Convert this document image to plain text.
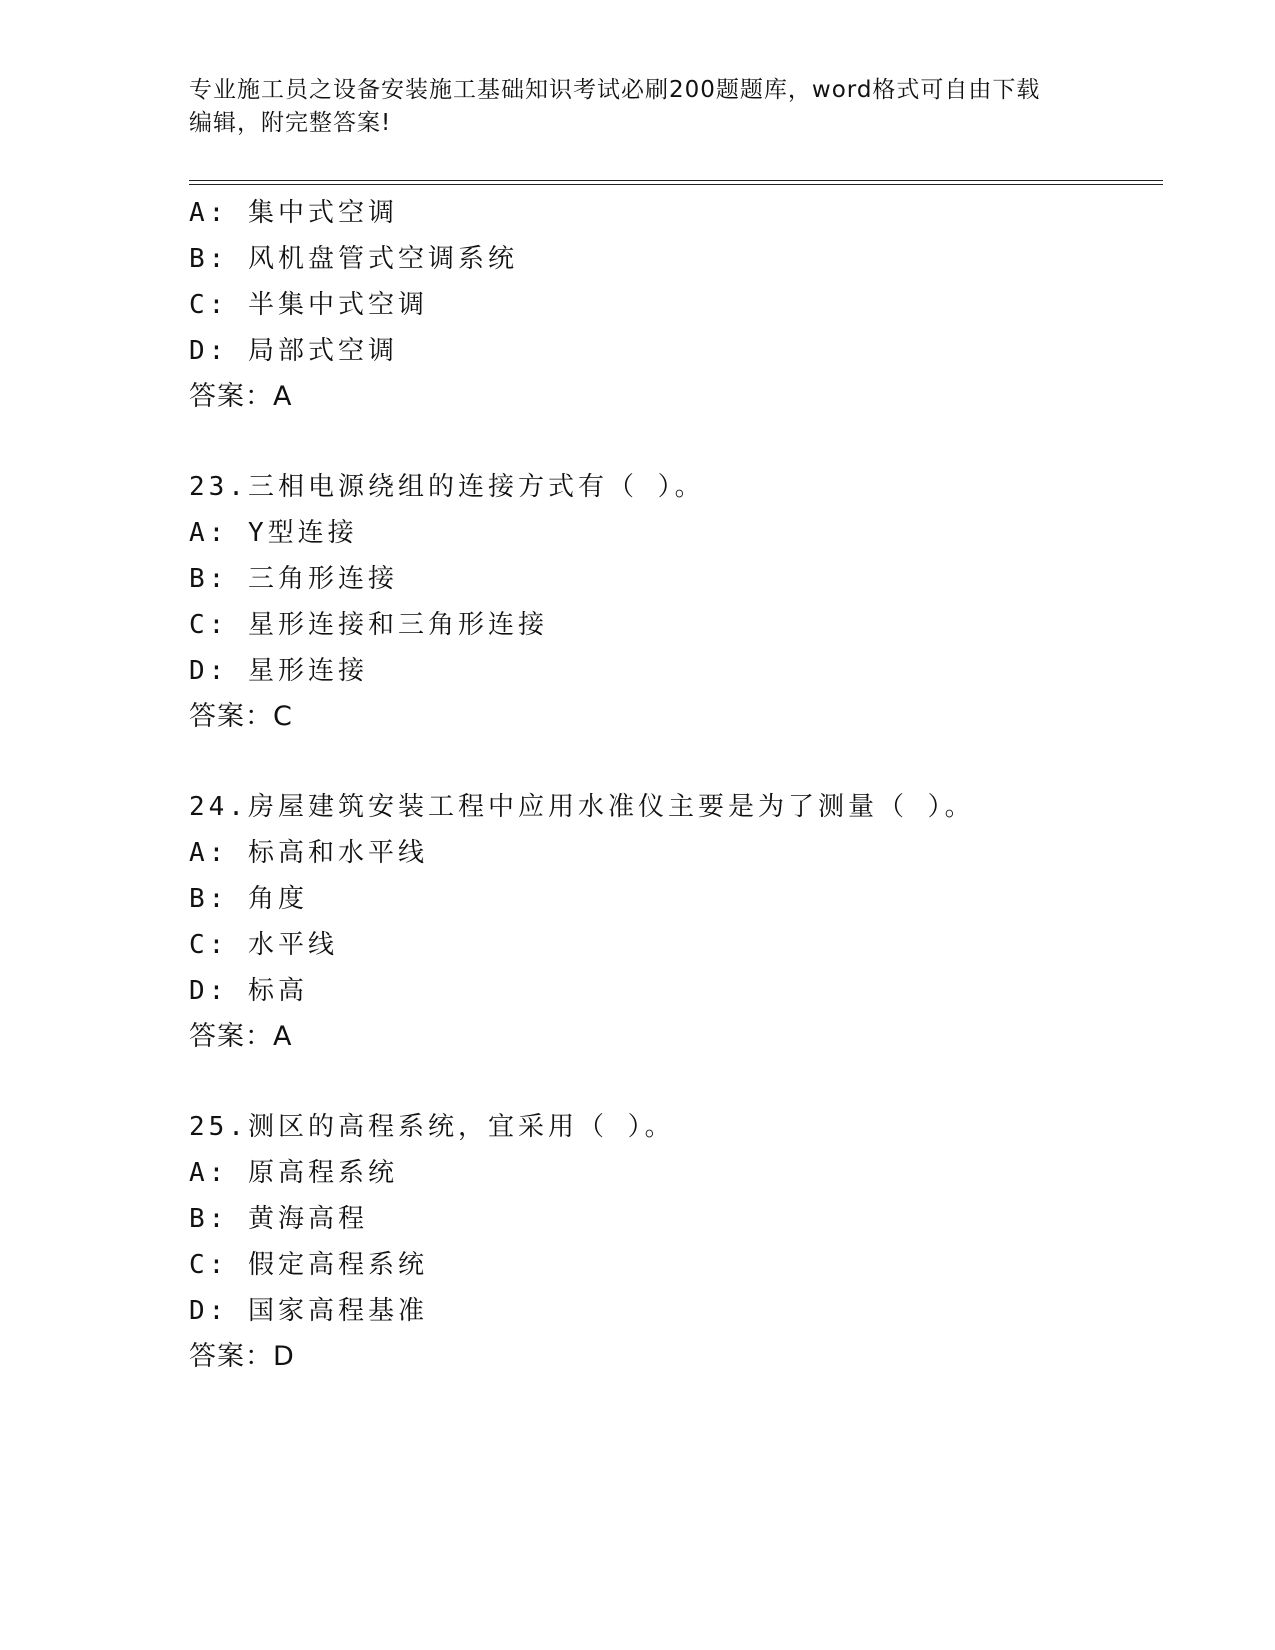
专业施工员之设备安装施工基础知识考试必刷200题题库，word格式可自由下载
编辑，附完整答案!
A: 集中式空调
B: 风机盘管式空调系统
C: 半集中式空调
D: 局部式空调
答案：A
23.三相电源绕组的连接方式有（ ）。
A: Y型连接
B: 三角形连接
C: 星形连接和三角形连接
D: 星形连接
答案：C
24.房屋建筑安装工程中应用水准仪主要是为了测量（ ）。
A: 标高和水平线
B: 角度
C: 水平线
D: 标高
答案：A
25.测区的高程系统，宜采用（ ）。
A: 原高程系统
B: 黄海高程
C: 假定高程系统
D: 国家高程基准
答案：D
